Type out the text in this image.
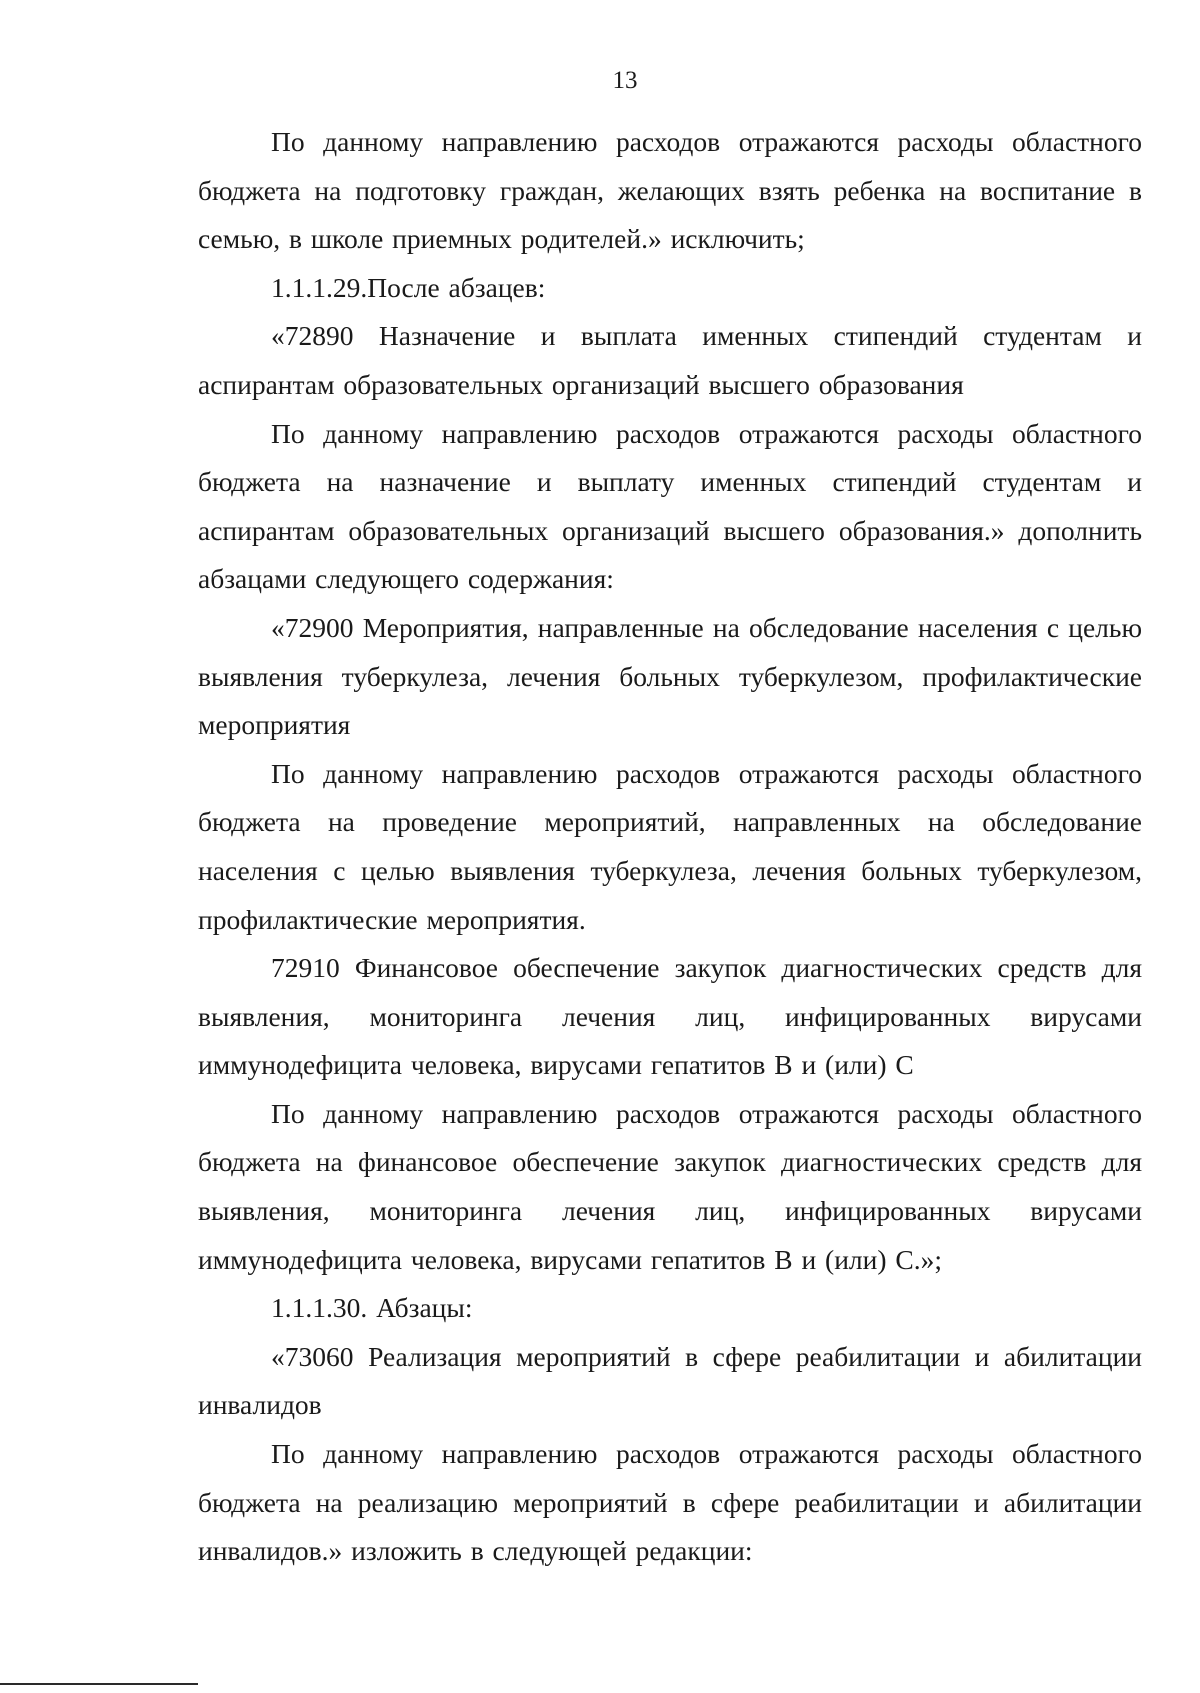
13

По данному направлению расходов отражаются расходы областного бюджета на подготовку граждан, желающих взять ребенка на воспитание в семью, в школе приемных родителей.» исключить;

1.1.1.29.После абзацев:

«72890 Назначение и выплата именных стипендий студентам и аспирантам образовательных организаций высшего образования

По данному направлению расходов отражаются расходы областного бюджета на назначение и выплату именных стипендий студентам и аспирантам образовательных организаций высшего образования.» дополнить абзацами следующего содержания:

«72900 Мероприятия, направленные на обследование населения с целью выявления туберкулеза, лечения больных туберкулезом, профилактические мероприятия

По данному направлению расходов отражаются расходы областного бюджета на проведение мероприятий, направленных на обследование населения с целью выявления туберкулеза, лечения больных туберкулезом, профилактические мероприятия.

72910 Финансовое обеспечение закупок диагностических средств для выявления, мониторинга лечения лиц, инфицированных вирусами иммунодефицита человека, вирусами гепатитов В и (или) С

По данному направлению расходов отражаются расходы областного бюджета на финансовое обеспечение закупок диагностических средств для выявления, мониторинга лечения лиц, инфицированных вирусами иммунодефицита человека, вирусами гепатитов В и (или) С.»;

1.1.1.30. Абзацы:

«73060 Реализация мероприятий в сфере реабилитации и абилитации инвалидов

По данному направлению расходов отражаются расходы областного бюджета на реализацию мероприятий в сфере реабилитации и абилитации инвалидов.» изложить в следующей редакции:
